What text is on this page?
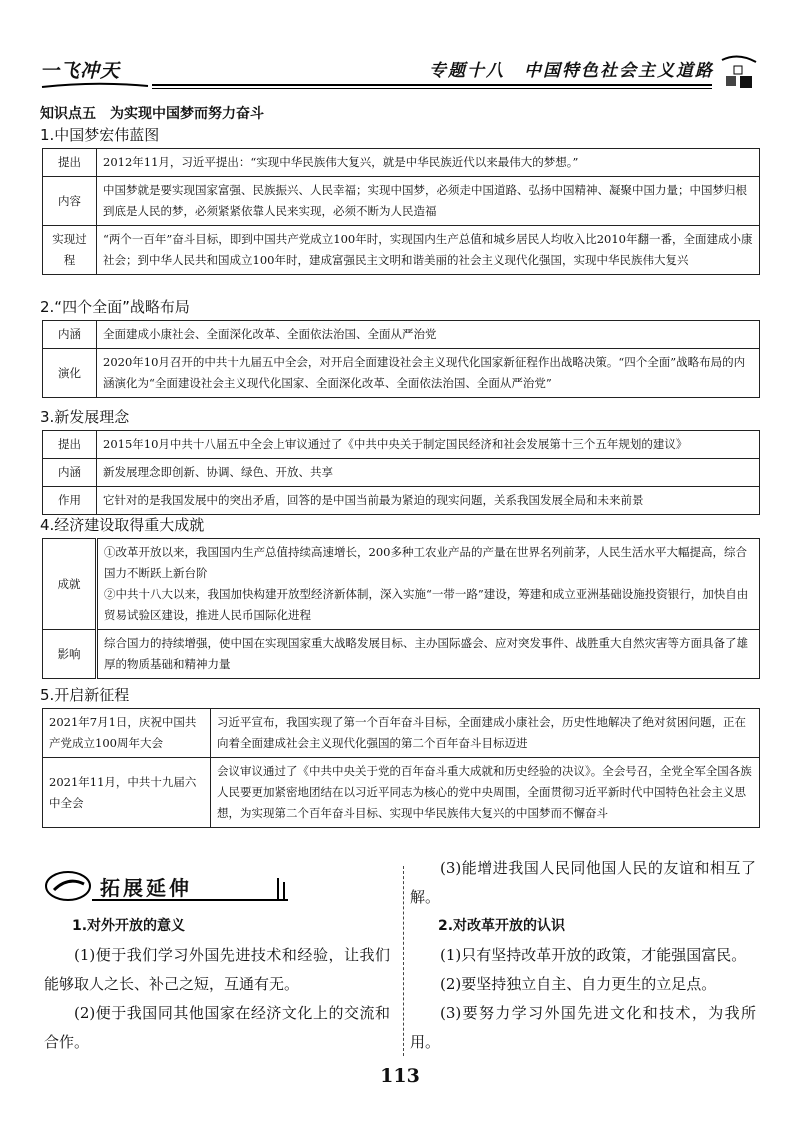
一飞冲天	专题十八　中国特色社会主义道路
知识点五　为实现中国梦而努力奋斗
1.中国梦宏伟蓝图
提出	2012年11月，习近平提出：“实现中华民族伟大复兴，就是中华民族近代以来最伟大的梦想。”
内容	中国梦就是要实现国家富强、民族振兴、人民幸福；实现中国梦，必须走中国道路、弘扬中国精神、凝聚中国力量；中国梦归根到底是人民的梦，必须紧紧依靠人民来实现，必须不断为人民造福
实现过程	“两个一百年”奋斗目标，即到中国共产党成立100年时，实现国内生产总值和城乡居民人均收入比2010年翻一番，全面建成小康社会；到中华人民共和国成立100年时，建成富强民主文明和谐美丽的社会主义现代化强国，实现中华民族伟大复兴
2.“四个全面”战略布局
内涵	全面建成小康社会、全面深化改革、全面依法治国、全面从严治党
演化	2020年10月召开的中共十九届五中全会，对开启全面建设社会主义现代化国家新征程作出战略决策。“四个全面”战略布局的内涵演化为“全面建设社会主义现代化国家、全面深化改革、全面依法治国、全面从严治党”
3.新发展理念
提出	2015年10月中共十八届五中全会上审议通过了《中共中央关于制定国民经济和社会发展第十三个五年规划的建议》
内涵	新发展理念即创新、协调、绿色、开放、共享
作用	它针对的是我国发展中的突出矛盾，回答的是中国当前最为紧迫的现实问题，关系我国发展全局和未来前景
4.经济建设取得重大成就
成就	①改革开放以来，我国国内生产总值持续高速增长，200多种工农业产品的产量在世界名列前茅，人民生活水平大幅提高，综合国力不断跃上新台阶
②中共十八大以来，我国加快构建开放型经济新体制，深入实施“一带一路”建设，筹建和成立亚洲基础设施投资银行，加快自由贸易试验区建设，推进人民币国际化进程

影响	综合国力的持续增强，使中国在实现国家重大战略发展目标、主办国际盛会、应对突发事件、战胜重大自然灾害等方面具备了雄厚的物质基础和精神力量
5.开启新征程
2021年7月1日，庆祝中国共产党成立100周年大会	习近平宣布，我国实现了第一个百年奋斗目标，全面建成小康社会，历史性地解决了绝对贫困问题，正在向着全面建成社会主义现代化强国的第二个百年奋斗目标迈进
2021年11月，中共十九届六中全会	会议审议通过了《中共中央关于党的百年奋斗重大成就和历史经验的决议》。全会号召，全党全军全国各族人民要更加紧密地团结在以习近平同志为核心的党中央周围，全面贯彻习近平新时代中国特色社会主义思想，为实现第二个百年奋斗目标、实现中华民族伟大复兴的中国梦而不懈奋斗
拓展延伸

1.对外开放的意义

(1)便于我们学习外国先进技术和经验，让我们能够取人之长、补己之短，互通有无。

(2)便于我国同其他国家在经济文化上的交流和合作。

(3)能增进我国人民同他国人民的友谊和相互了解。

2.对改革开放的认识

(1)只有坚持改革开放的政策，才能强国富民。

(2)要坚持独立自主、自力更生的立足点。

(3)要努力学习外国先进文化和技术，为我所用。

113
